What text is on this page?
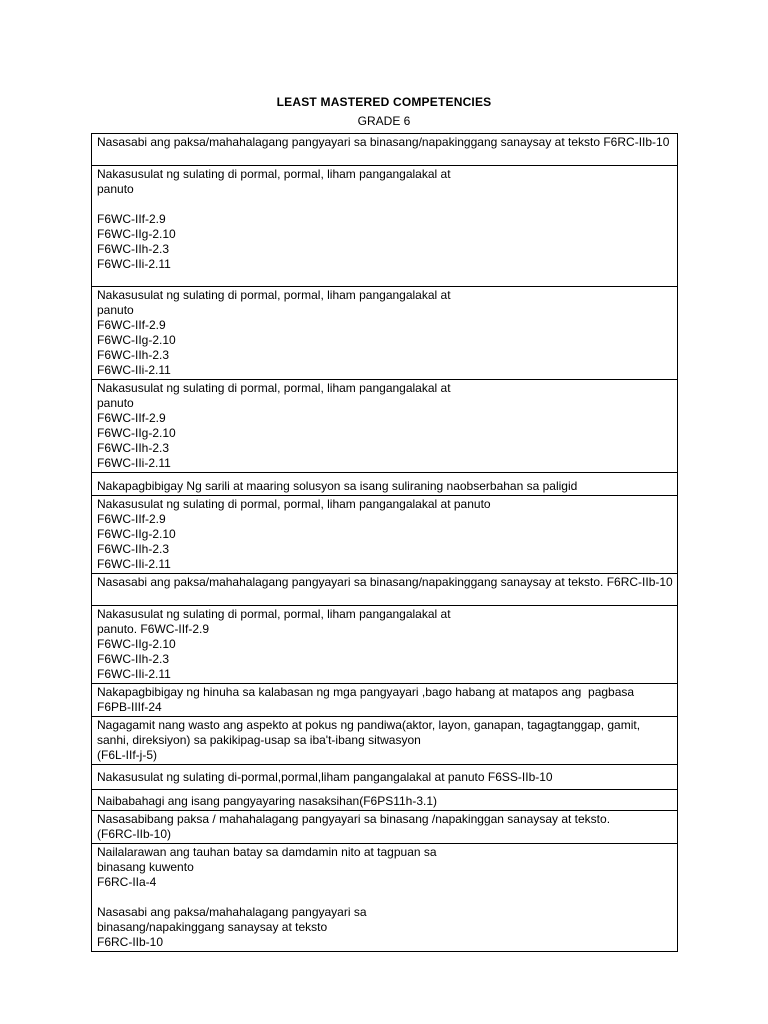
LEAST MASTERED COMPETENCIES
GRADE 6
Nasasabi ang paksa/mahahalagang pangyayari sa binasang/napakinggang sanaysay at teksto F6RC-IIb-10
Nakasusulat ng sulating di pormal, pormal, liham pangangalakal at
panuto

F6WC-IIf-2.9
F6WC-IIg-2.10
F6WC-IIh-2.3
F6WC-IIi-2.11

Nakasusulat ng sulating di pormal, pormal, liham pangangalakal at
panuto
F6WC-IIf-2.9
F6WC-IIg-2.10
F6WC-IIh-2.3
F6WC-IIi-2.11
Nakasusulat ng sulating di pormal, pormal, liham pangangalakal at
panuto
F6WC-IIf-2.9
F6WC-IIg-2.10
F6WC-IIh-2.3
F6WC-IIi-2.11
Nakapagbibigay Ng sarili at maaring solusyon sa isang suliraning naobserbahan sa paligid
Nakasusulat ng sulating di pormal, pormal, liham pangangalakal at panuto
F6WC-IIf-2.9
F6WC-IIg-2.10
F6WC-IIh-2.3
F6WC-IIi-2.11
Nasasabi ang paksa/mahahalagang pangyayari sa binasang/napakinggang sanaysay at teksto. F6RC-IIb-10
Nakasusulat ng sulating di pormal, pormal, liham pangangalakal at
panuto. F6WC-IIf-2.9
F6WC-IIg-2.10
F6WC-IIh-2.3
F6WC-IIi-2.11
Nakapagbibigay ng hinuha sa kalabasan ng mga pangyayari ,bago habang at matapos ang  pagbasa
F6PB-IIIf-24
Nagagamit nang wasto ang aspekto at pokus ng pandiwa(aktor, layon, ganapan, tagagtanggap, gamit, sanhi, direksiyon) sa pakikipag-usap sa iba't-ibang sitwasyon
(F6L-IIf-j-5)
Nakasusulat ng sulating di-pormal,pormal,liham pangangalakal at panuto F6SS-IIb-10
Naibabahagi ang isang pangyayaring nasaksihan(F6PS11h-3.1)
Nasasabibang paksa / mahahalagang pangyayari sa binasang /napakinggan sanaysay at teksto.
(F6RC-IIb-10)
Nailalarawan ang tauhan batay sa damdamin nito at tagpuan sa
binasang kuwento
F6RC-IIa-4

Nasasabi ang paksa/mahahalagang pangyayari sa
binasang/napakinggang sanaysay at teksto
F6RC-IIb-10
